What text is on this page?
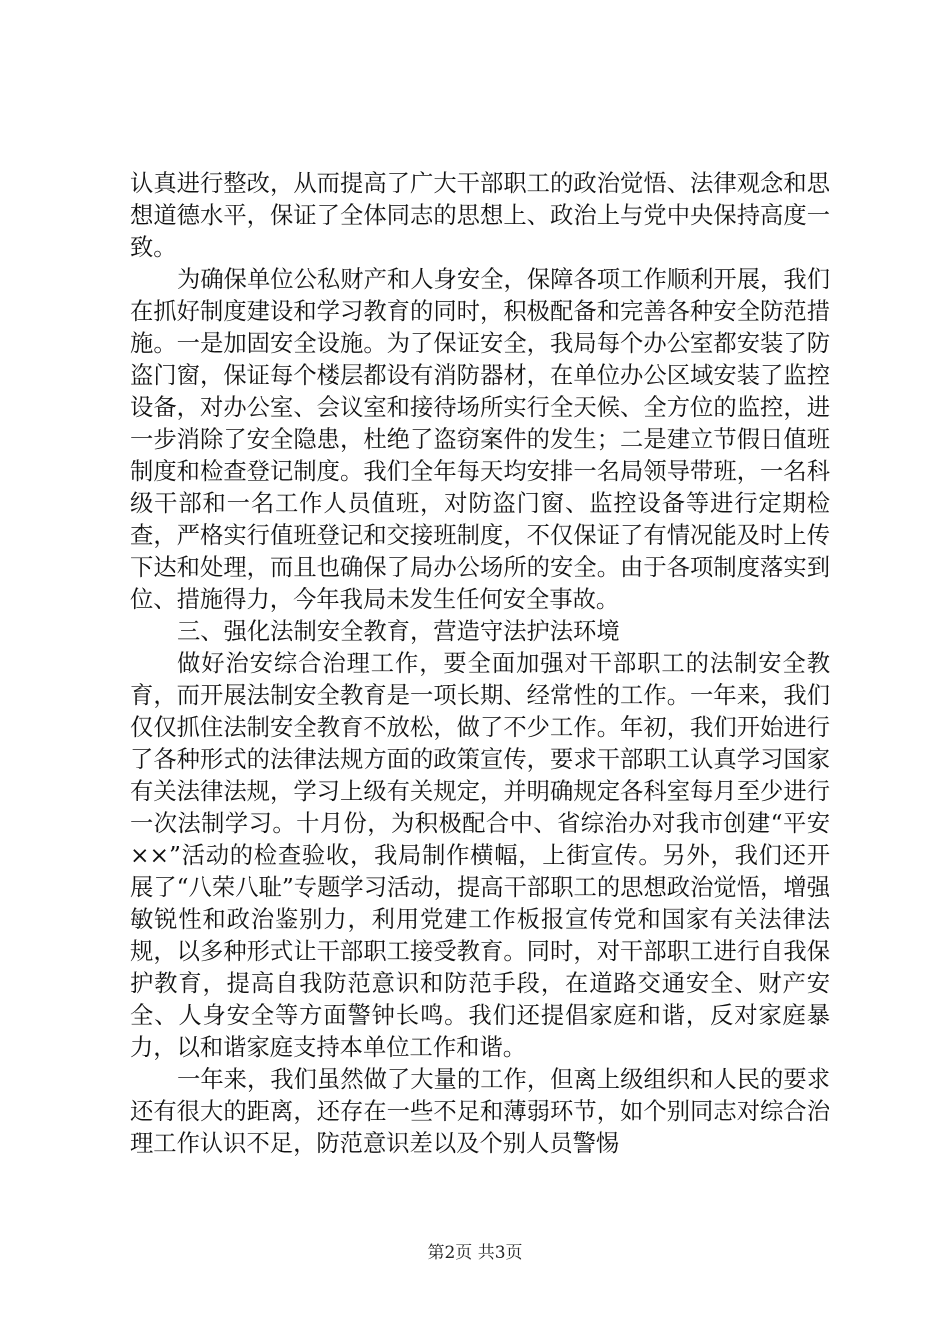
认真进行整改，从而提高了广大干部职工的政治觉悟、法律观念和思想道德水平，保证了全体同志的思想上、政治上与党中央保持高度一致。

为确保单位公私财产和人身安全，保障各项工作顺利开展，我们在抓好制度建设和学习教育的同时，积极配备和完善各种安全防范措施。一是加固安全设施。为了保证安全，我局每个办公室都安装了防盗门窗，保证每个楼层都设有消防器材，在单位办公区域安装了监控设备，对办公室、会议室和接待场所实行全天候、全方位的监控，进一步消除了安全隐患，杜绝了盗窃案件的发生；二是建立节假日值班制度和检查登记制度。我们全年每天均安排一名局领导带班，一名科级干部和一名工作人员值班，对防盗门窗、监控设备等进行定期检查，严格实行值班登记和交接班制度，不仅保证了有情况能及时上传下达和处理，而且也确保了局办公场所的安全。由于各项制度落实到位、措施得力，今年我局未发生任何安全事故。

三、强化法制安全教育，营造守法护法环境

做好治安综合治理工作，要全面加强对干部职工的法制安全教育，而开展法制安全教育是一项长期、经常性的工作。一年来，我们仅仅抓住法制安全教育不放松，做了不少工作。年初，我们开始进行了各种形式的法律法规方面的政策宣传，要求干部职工认真学习国家有关法律法规，学习上级有关规定，并明确规定各科室每月至少进行一次法制学习。十月份，为积极配合中、省综治办对我市创建“平安××”活动的检查验收，我局制作横幅，上街宣传。另外，我们还开展了“八荣八耻”专题学习活动，提高干部职工的思想政治觉悟，增强敏锐性和政治鉴别力，利用党建工作板报宣传党和国家有关法律法规，以多种形式让干部职工接受教育。同时，对干部职工进行自我保护教育，提高自我防范意识和防范手段，在道路交通安全、财产安全、人身安全等方面警钟长鸣。我们还提倡家庭和谐，反对家庭暴力，以和谐家庭支持本单位工作和谐。

一年来，我们虽然做了大量的工作，但离上级组织和人民的要求还有很大的距离，还存在一些不足和薄弱环节，如个别同志对综合治理工作认识不足，防范意识差以及个别人员警惕

第2页 共3页
